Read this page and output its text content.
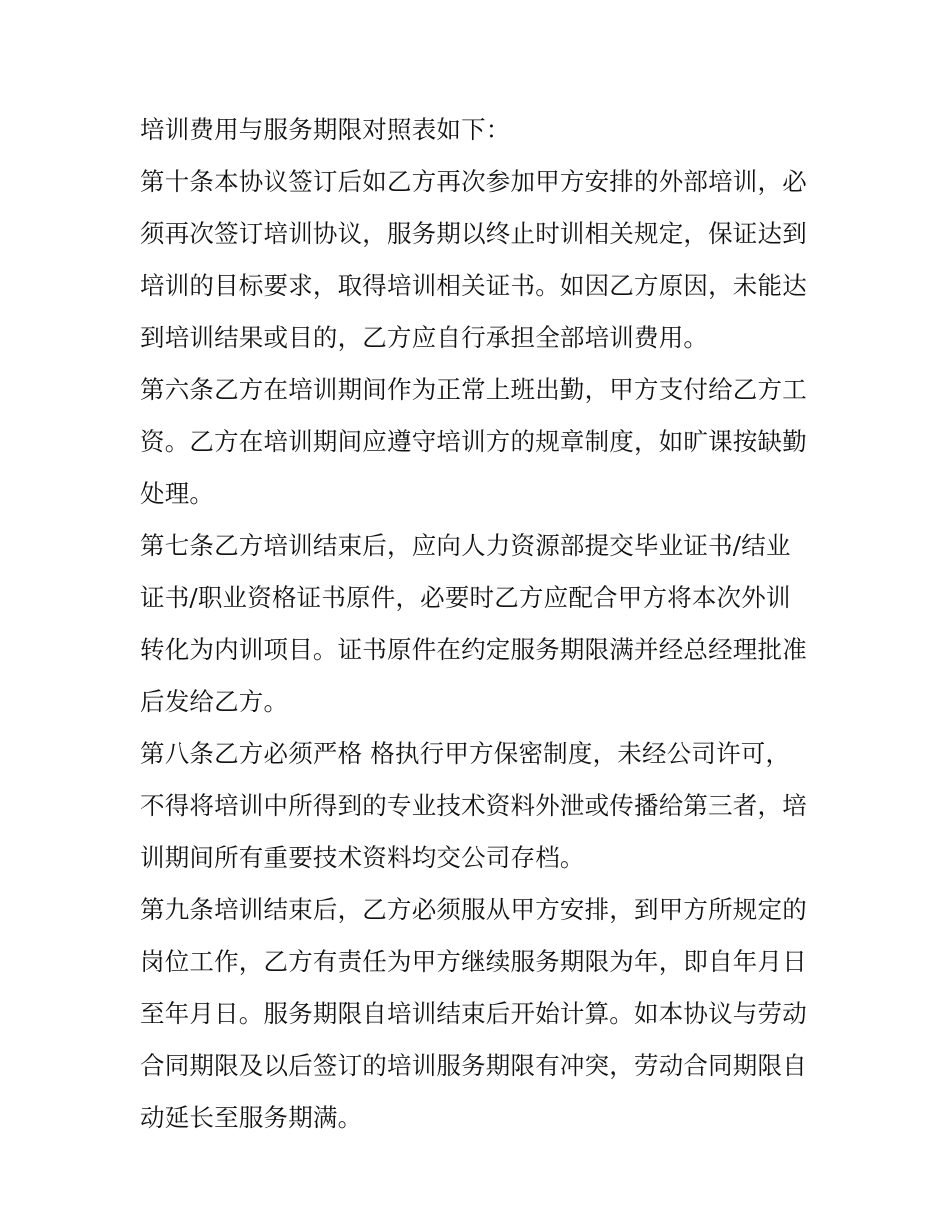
培训费用与服务期限对照表如下：
第十条本协议签订后如乙方再次参加甲方安排的外部培训，必
须再次签订培训协议，服务期以终止时训相关规定，保证达到
培训的目标要求，取得培训相关证书。如因乙方原因，未能达
到培训结果或目的，乙方应自行承担全部培训费用。
第六条乙方在培训期间作为正常上班出勤，甲方支付给乙方工
资。乙方在培训期间应遵守培训方的规章制度，如旷课按缺勤
处理。
第七条乙方培训结束后，应向人力资源部提交毕业证书/结业
证书/职业资格证书原件，必要时乙方应配合甲方将本次外训
转化为内训项目。证书原件在约定服务期限满并经总经理批准
后发给乙方。
第八条乙方必须严格 格执行甲方保密制度，未经公司许可，
不得将培训中所得到的专业技术资料外泄或传播给第三者，培
训期间所有重要技术资料均交公司存档。
第九条培训结束后，乙方必须服从甲方安排，到甲方所规定的
岗位工作，乙方有责任为甲方继续服务期限为年，即自年月日
至年月日。服务期限自培训结束后开始计算。如本协议与劳动
合同期限及以后签订的培训服务期限有冲突，劳动合同期限自
动延长至服务期满。
